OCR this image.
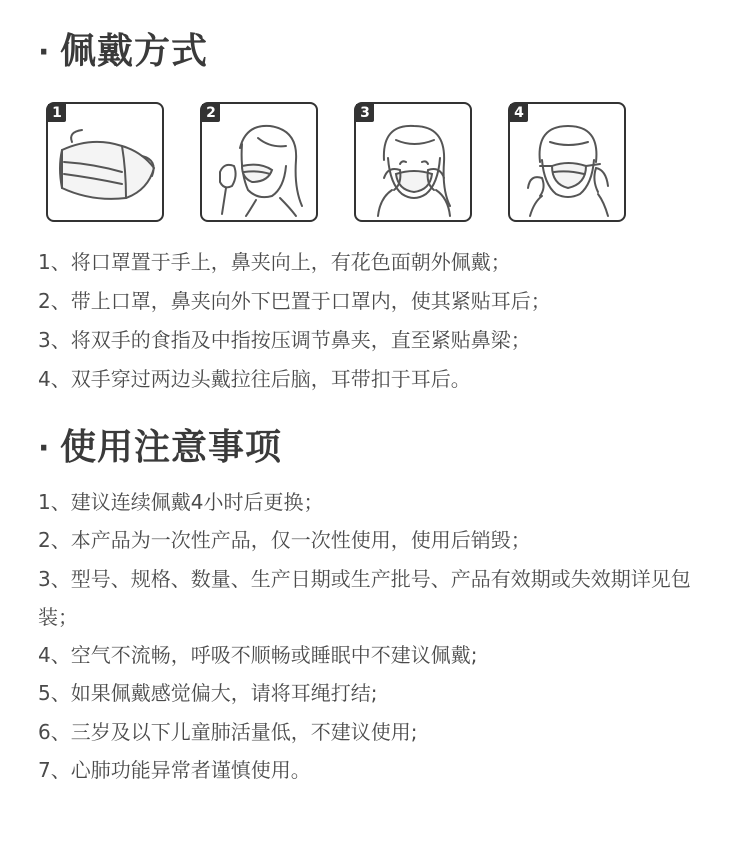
· 佩戴方式
1	2	3	4
1、将口罩置于手上，鼻夹向上，有花色面朝外佩戴；
2、带上口罩，鼻夹向外下巴置于口罩内，使其紧贴耳后；
3、将双手的食指及中指按压调节鼻夹，直至紧贴鼻梁；
4、双手穿过两边头戴拉往后脑，耳带扣于耳后。
· 使用注意事项
1、建议连续佩戴4小时后更换；
2、本产品为一次性产品，仅一次性使用，使用后销毁；
3、型号、规格、数量、生产日期或生产批号、产品有效期或失效期详见包装；
4、空气不流畅，呼吸不顺畅或睡眠中不建议佩戴;
5、如果佩戴感觉偏大，请将耳绳打结;
6、三岁及以下儿童肺活量低，不建议使用;
7、心肺功能异常者谨慎使用。
